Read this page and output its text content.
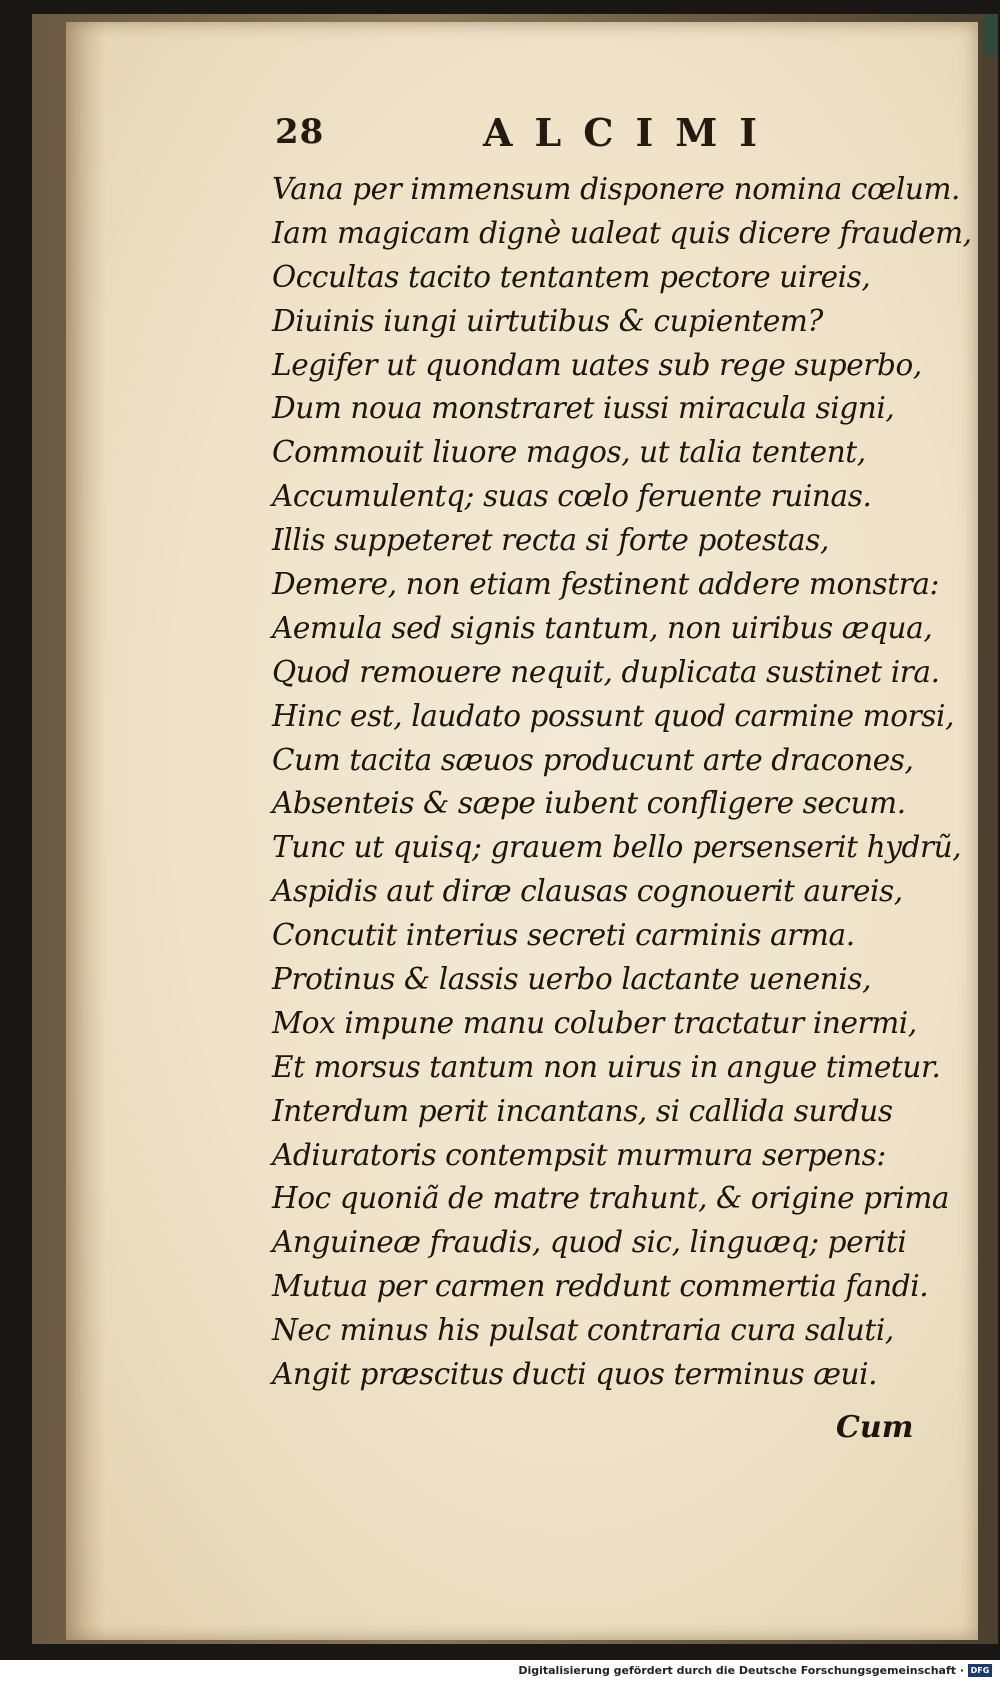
28	ALCIMI
Vana per immensum disponere nomina cœlum.
Iam magicam dignè ualeat quis dicere fraudem,
Occultas tacito tentantem pectore uireis,
Diuinis iungi uirtutibus & cupientem?
Legifer ut quondam uates sub rege superbo,
Dum noua monstraret iussi miracula signi,
Commouit liuore magos, ut talia tentent,
Accumulentq; suas cœlo feruente ruinas.
Illis suppeteret recta si forte potestas,
Demere, non etiam festinent addere monstra:
Aemula sed signis tantum, non uiribus æqua,
Quod remouere nequit, duplicata sustinet ira.
Hinc est, laudato possunt quod carmine morsi,
Cum tacita sæuos producunt arte dracones,
Absenteis & sæpe iubent confligere secum.
Tunc ut quisq; grauem bello persenserit hydrũ,
Aspidis aut diræ clausas cognouerit aureis,
Concutit interius secreti carminis arma.
Protinus & lassis uerbo lactante uenenis,
Mox impune manu coluber tractatur inermi,
Et morsus tantum non uirus in angue timetur.
Interdum perit incantans, si callida surdus
Adiuratoris contempsit murmura serpens:
Hoc quoniã de matre trahunt, & origine prima
Anguineæ fraudis, quod sic, linguæq; periti
Mutua per carmen reddunt commertia fandi.
Nec minus his pulsat contraria cura saluti,
Angit præscitus ducti quos terminus æui.
Cum
Digitalisierung gefördert durch die Deutsche Forschungsgemeinschaft · DFG
